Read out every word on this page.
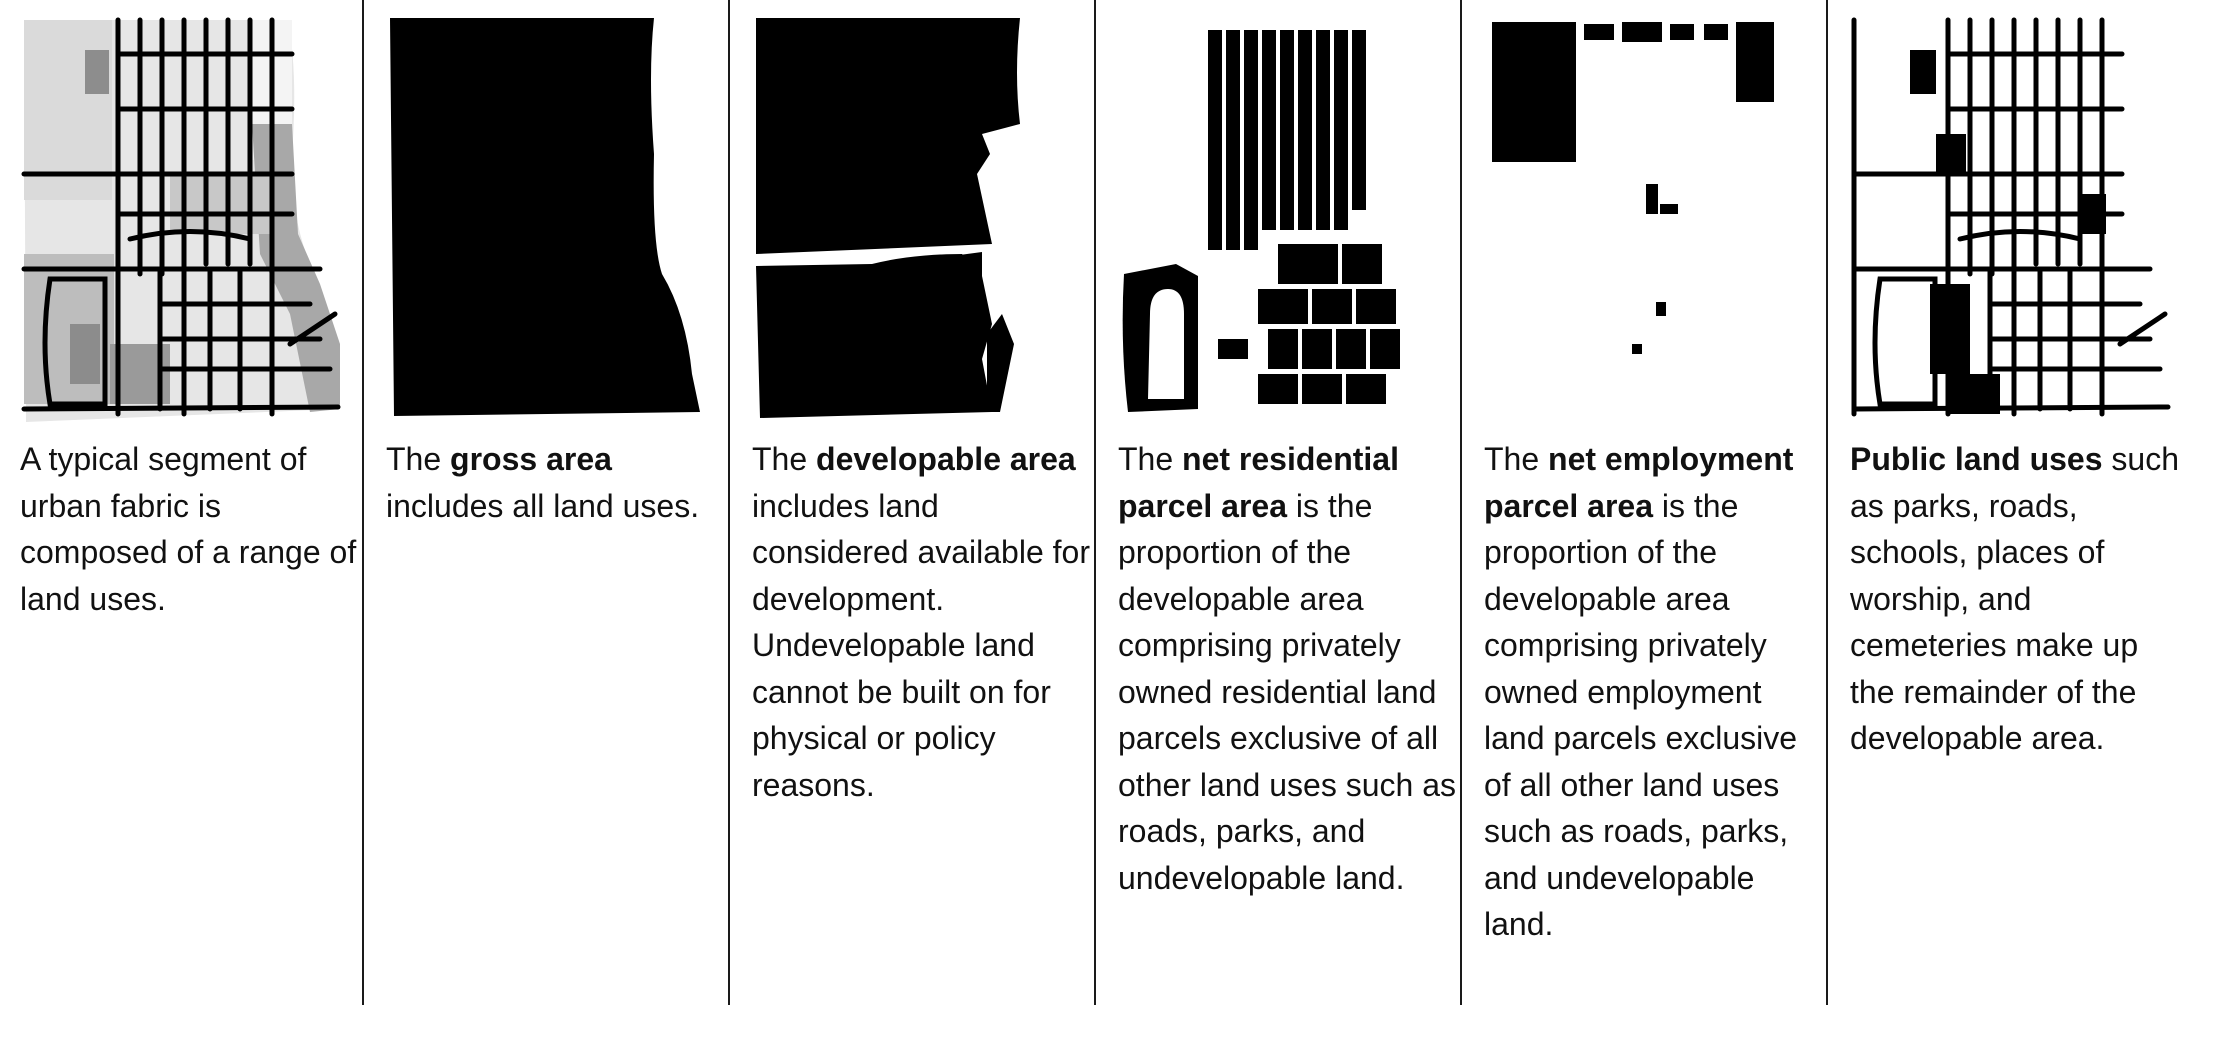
A typical segment of urban fabric is composed of a range of land uses.

The gross area includes all land uses.

The developable area includes land considered available for development. Undevelopable land cannot be built on for physical or policy reasons.

The net residential parcel area is the proportion of the developable area comprising privately owned residential land parcels exclusive of all other land uses such as roads, parks, and undevelopable land.

The net employment parcel area is the proportion of the developable area comprising privately owned employment land parcels exclusive of all other land uses such as roads, parks, and undevelopable land.

Public land uses such as parks, roads, schools, places of worship, and cemeteries make up the remainder of the developable area.
